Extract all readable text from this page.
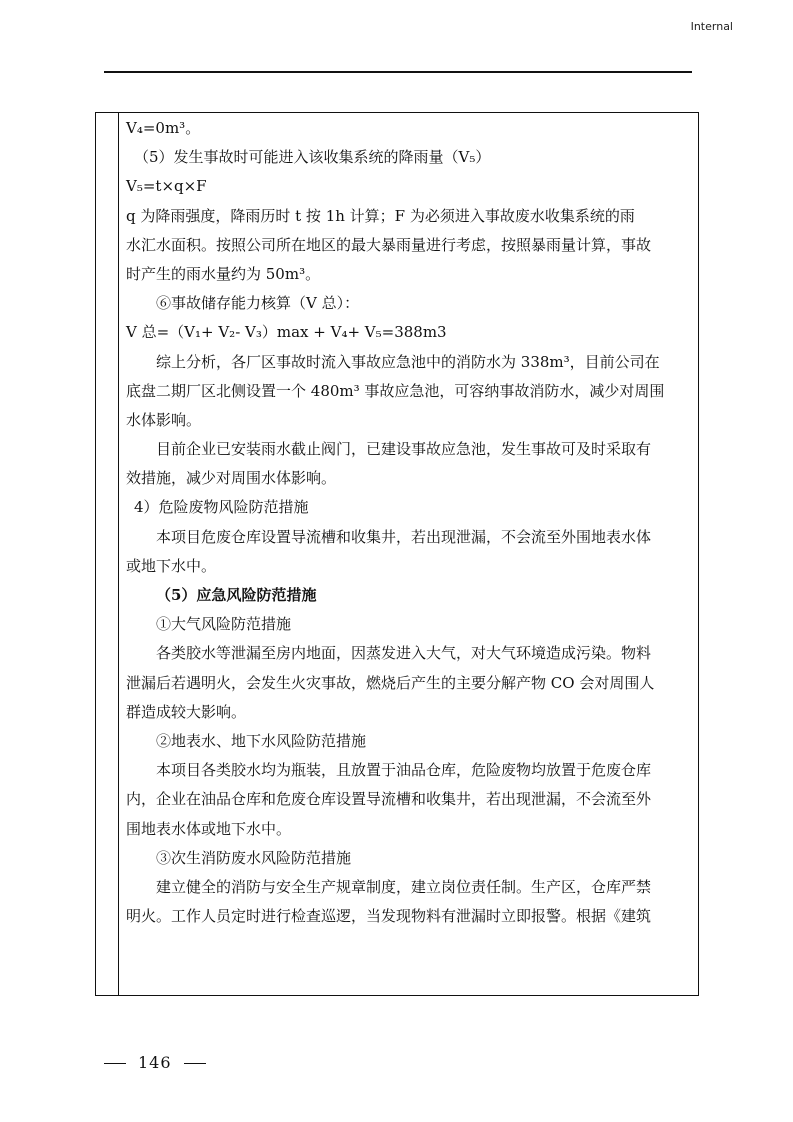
Internal
V₄=0m³。
（5）发生事故时可能进入该收集系统的降雨量（V₅）
V₅=t×q×F
q 为降雨强度，降雨历时 t 按 1h 计算；F 为必须进入事故废水收集系统的雨
水汇水面积。按照公司所在地区的最大暴雨量进行考虑，按照暴雨量计算，事故
时产生的雨水量约为 50m³。
⑥事故储存能力核算（V 总）：
V 总=（V₁+ V₂- V₃）max + V₄+ V₅=388m3
综上分析，各厂区事故时流入事故应急池中的消防水为 338m³，目前公司在
底盘二期厂区北侧设置一个 480m³ 事故应急池，可容纳事故消防水，减少对周围
水体影响。
目前企业已安装雨水截止阀门，已建设事故应急池，发生事故可及时采取有
效措施，减少对周围水体影响。
4）危险废物风险防范措施
本项目危废仓库设置导流槽和收集井，若出现泄漏，不会流至外围地表水体
或地下水中。
（5）应急风险防范措施
①大气风险防范措施
各类胶水等泄漏至房内地面，因蒸发进入大气，对大气环境造成污染。物料
泄漏后若遇明火，会发生火灾事故，燃烧后产生的主要分解产物 CO 会对周围人
群造成较大影响。
②地表水、地下水风险防范措施
本项目各类胶水均为瓶装，且放置于油品仓库，危险废物均放置于危废仓库
内，企业在油品仓库和危废仓库设置导流槽和收集井，若出现泄漏，不会流至外
围地表水体或地下水中。
③次生消防废水风险防范措施
建立健全的消防与安全生产规章制度，建立岗位责任制。生产区，仓库严禁
明火。工作人员定时进行检查巡逻，当发现物料有泄漏时立即报警。根据《建筑
146
